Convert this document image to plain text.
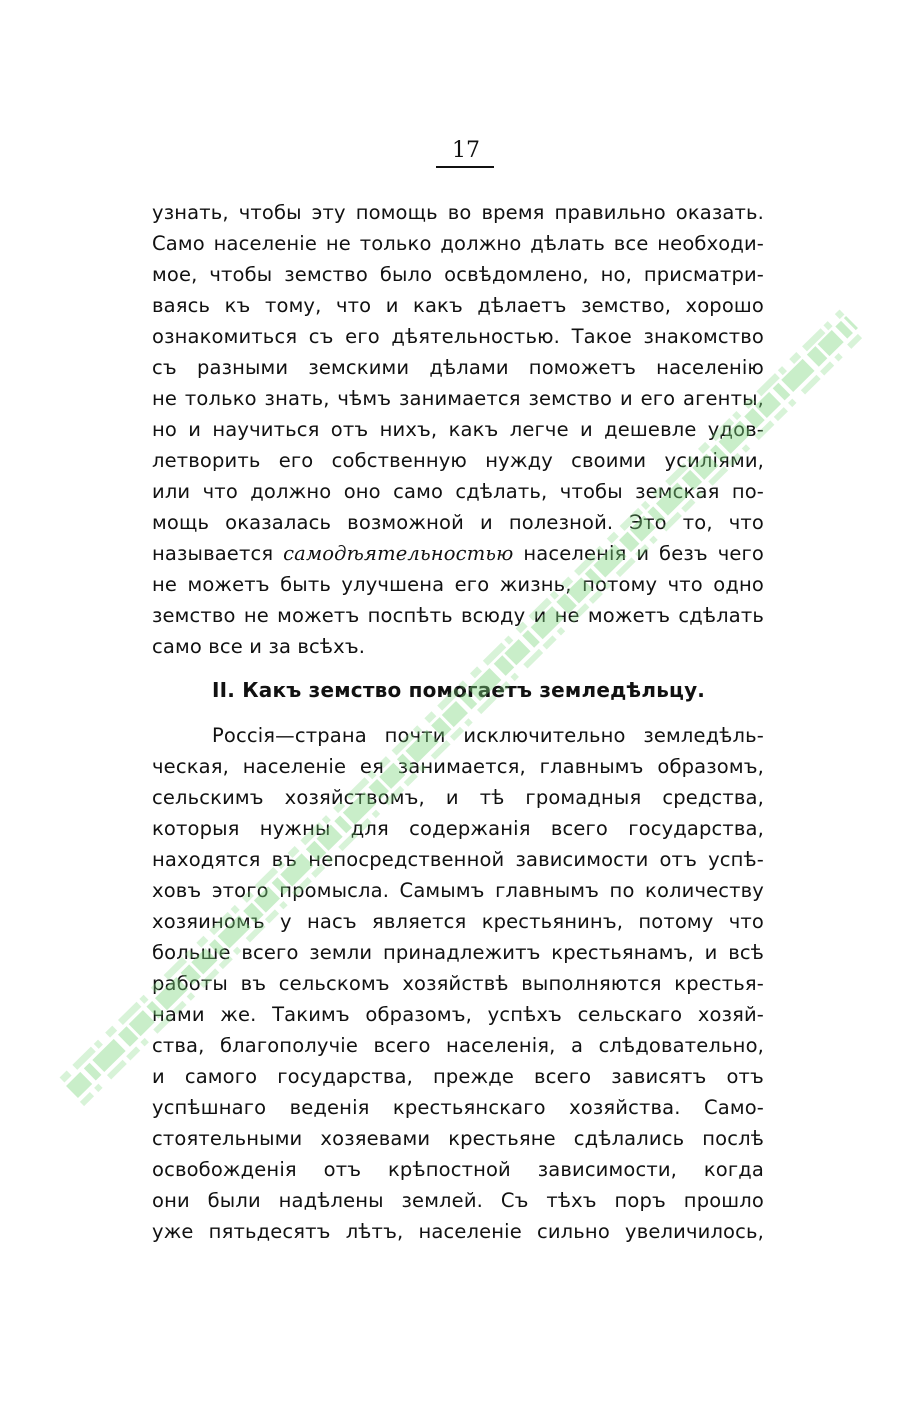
17
узнать, чтобы эту помощь во время правильно оказать.
Само населенiе не только должно дѣлать все необходи-
мое, чтобы земство было освѣдомлено, но, присматри-
ваясь къ тому, что и какъ дѣлаетъ земство, хорошо
ознакомиться съ его дѣятельностью. Такое знакомство
съ разными земскими дѣлами поможетъ населенiю
не только знать, чѣмъ занимается земство и его агенты,
но и научиться отъ нихъ, какъ легче и дешевле удов-
летворить его собственную нужду своими усилiями,
или что должно оно само сдѣлать, чтобы земская по-
мощь оказалась возможной и полезной. Это то, что
называется самодѣятельностью населенiя и безъ чего
не можетъ быть улучшена его жизнь, потому что одно
земство не можетъ поспѣть всюду и не можетъ сдѣлать
само все и за всѣхъ.
II. Какъ земство помогаетъ земледѣльцу.
Россiя—страна почти исключительно земледѣль-
ческая, населенiе ея занимается, главнымъ образомъ,
сельскимъ хозяйствомъ, и тѣ громадныя средства,
которыя нужны для содержанiя всего государства,
находятся въ непосредственной зависимости отъ успѣ-
ховъ этого промысла. Самымъ главнымъ по количеству
хозяиномъ у насъ является крестьянинъ, потому что
больше всего земли принадлежитъ крестьянамъ, и всѣ
работы въ сельскомъ хозяйствѣ выполняются крестья-
нами же. Такимъ образомъ, успѣхъ сельскаго хозяй-
ства, благополучiе всего населенiя, а слѣдовательно,
и самого государства, прежде всего зависятъ отъ
успѣшнаго веденiя крестьянскаго хозяйства. Само-
стоятельными хозяевами крестьяне сдѣлались послѣ
освобожденiя отъ крѣпостной зависимости, когда
они были надѣлены землей. Съ тѣхъ поръ прошло
уже пятьдесятъ лѣтъ, населенiе сильно увеличилось,
